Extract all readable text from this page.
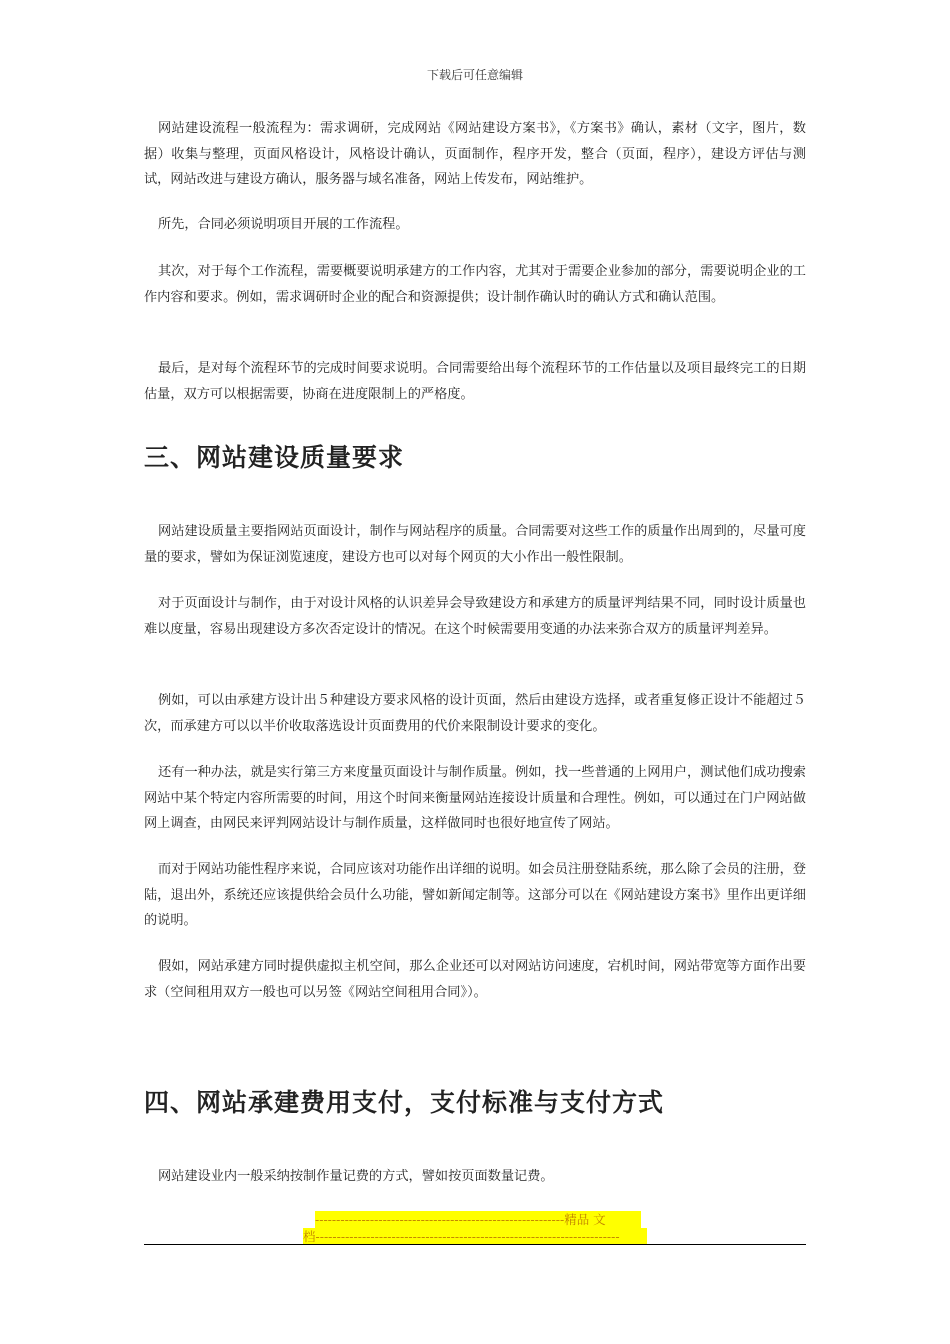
下载后可任意编辑

网站建设流程一般流程为：需求调研，完成网站《网站建设方案书》，《方案书》确认，素材（文字，图片，数据）收集与整理，页面风格设计，风格设计确认，页面制作，程序开发，整合（页面，程序），建设方评估与测试，网站改进与建设方确认，服务器与域名准备，网站上传发布，网站维护。

所先，合同必须说明项目开展的工作流程。

其次，对于每个工作流程，需要概要说明承建方的工作内容，尤其对于需要企业参加的部分，需要说明企业的工作内容和要求。例如，需求调研时企业的配合和资源提供；设计制作确认时的确认方式和确认范围。

最后，是对每个流程环节的完成时间要求说明。合同需要给出每个流程环节的工作估量以及项目最终完工的日期估量，双方可以根据需要，协商在进度限制上的严格度。

三、网站建设质量要求

网站建设质量主要指网站页面设计，制作与网站程序的质量。合同需要对这些工作的质量作出周到的，尽量可度量的要求，譬如为保证浏览速度，建设方也可以对每个网页的大小作出一般性限制。

对于页面设计与制作，由于对设计风格的认识差异会导致建设方和承建方的质量评判结果不同，同时设计质量也难以度量，容易出现建设方多次否定设计的情况。在这个时候需要用变通的办法来弥合双方的质量评判差异。

例如，可以由承建方设计出５种建设方要求风格的设计页面，然后由建设方选择，或者重复修正设计不能超过５次，而承建方可以以半价收取落选设计页面费用的代价来限制设计要求的变化。

还有一种办法，就是实行第三方来度量页面设计与制作质量。例如，找一些普通的上网用户，测试他们成功搜索网站中某个特定内容所需要的时间，用这个时间来衡量网站连接设计质量和合理性。例如，可以通过在门户网站做网上调查，由网民来评判网站设计与制作质量，这样做同时也很好地宣传了网站。

而对于网站功能性程序来说，合同应该对功能作出详细的说明。如会员注册登陆系统，那么除了会员的注册，登陆，退出外，系统还应该提供给会员什么功能，譬如新闻定制等。这部分可以在《网站建设方案书》里作出更详细的说明。

假如，网站承建方同时提供虚拟主机空间，那么企业还可以对网站访问速度，宕机时间，网站带宽等方面作出要求（空间租用双方一般也可以另签《网站空间租用合同》）。

四、网站承建费用支付，支付标准与支付方式

网站建设业内一般采纳按制作量记费的方式，譬如按页面数量记费。

-----------------------------------------------------------精品 文
档------------------------------------------------------------------------
